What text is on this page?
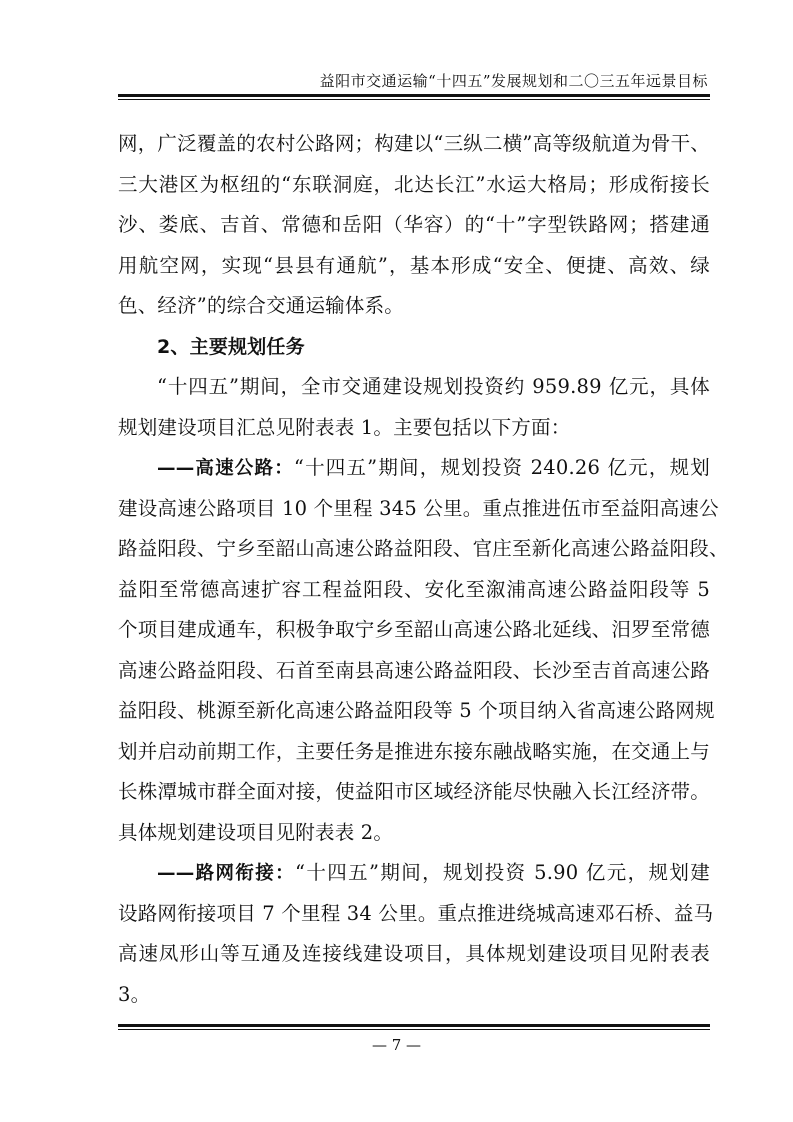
益阳市交通运输“十四五”发展规划和二〇三五年远景目标
网，广泛覆盖的农村公路网；构建以“三纵二横”高等级航道为骨干、
三大港区为枢纽的“东联洞庭，北达长江”水运大格局；形成衔接长
沙、娄底、吉首、常德和岳阳（华容）的“十”字型铁路网；搭建通
用航空网，实现“县县有通航”，基本形成“安全、便捷、高效、绿
色、经济”的综合交通运输体系。
2、主要规划任务
“十四五”期间，全市交通建设规划投资约 959.89 亿元，具体
规划建设项目汇总见附表表 1。主要包括以下方面：
——高速公路：“十四五”期间，规划投资 240.26 亿元，规划
建设高速公路项目 10 个里程 345 公里。重点推进伍市至益阳高速公
路益阳段、宁乡至韶山高速公路益阳段、官庄至新化高速公路益阳段、
益阳至常德高速扩容工程益阳段、安化至溆浦高速公路益阳段等 5
个项目建成通车，积极争取宁乡至韶山高速公路北延线、汨罗至常德
高速公路益阳段、石首至南县高速公路益阳段、长沙至吉首高速公路
益阳段、桃源至新化高速公路益阳段等 5 个项目纳入省高速公路网规
划并启动前期工作，主要任务是推进东接东融战略实施，在交通上与
长株潭城市群全面对接，使益阳市区域经济能尽快融入长江经济带。
具体规划建设项目见附表表 2。
——路网衔接：“十四五”期间，规划投资 5.90 亿元，规划建
设路网衔接项目 7 个里程 34 公里。重点推进绕城高速邓石桥、益马
高速凤形山等互通及连接线建设项目，具体规划建设项目见附表表
3。
— 7 —
